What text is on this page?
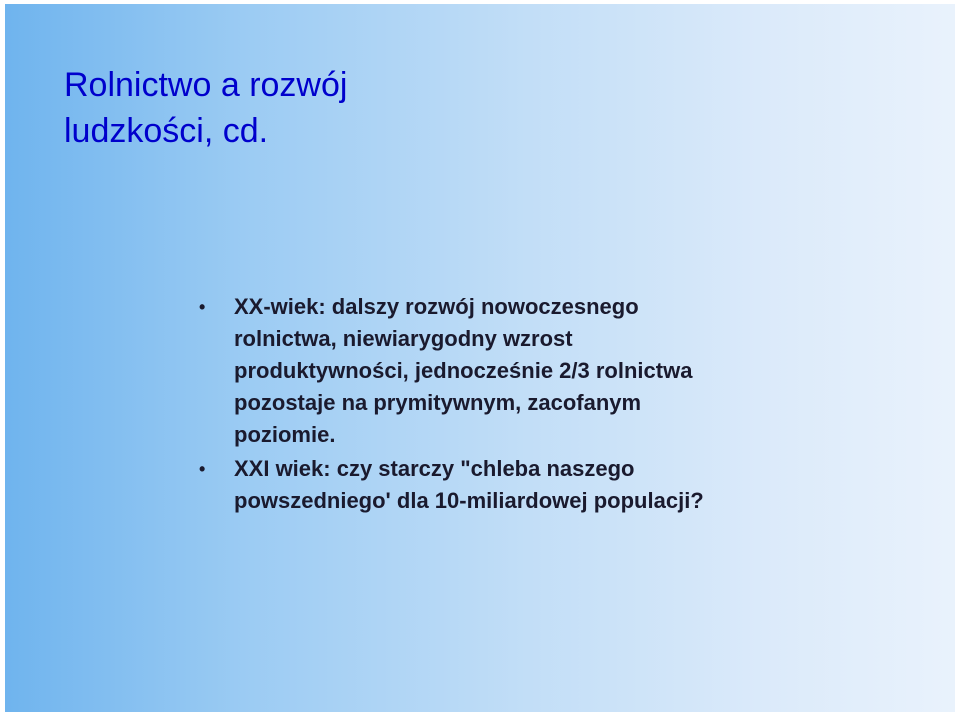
Rolnictwo a rozwój
ludzkości, cd.
• XX-wiek: dalszy rozwój nowoczesnego
rolnictwa, niewiarygodny wzrost
produktywności, jednocześnie 2/3 rolnictwa
pozostaje na prymitywnym, zacofanym
poziomie.
• XXI wiek: czy starczy "chleba naszego
powszedniego' dla 10-miliardowej populacji?
